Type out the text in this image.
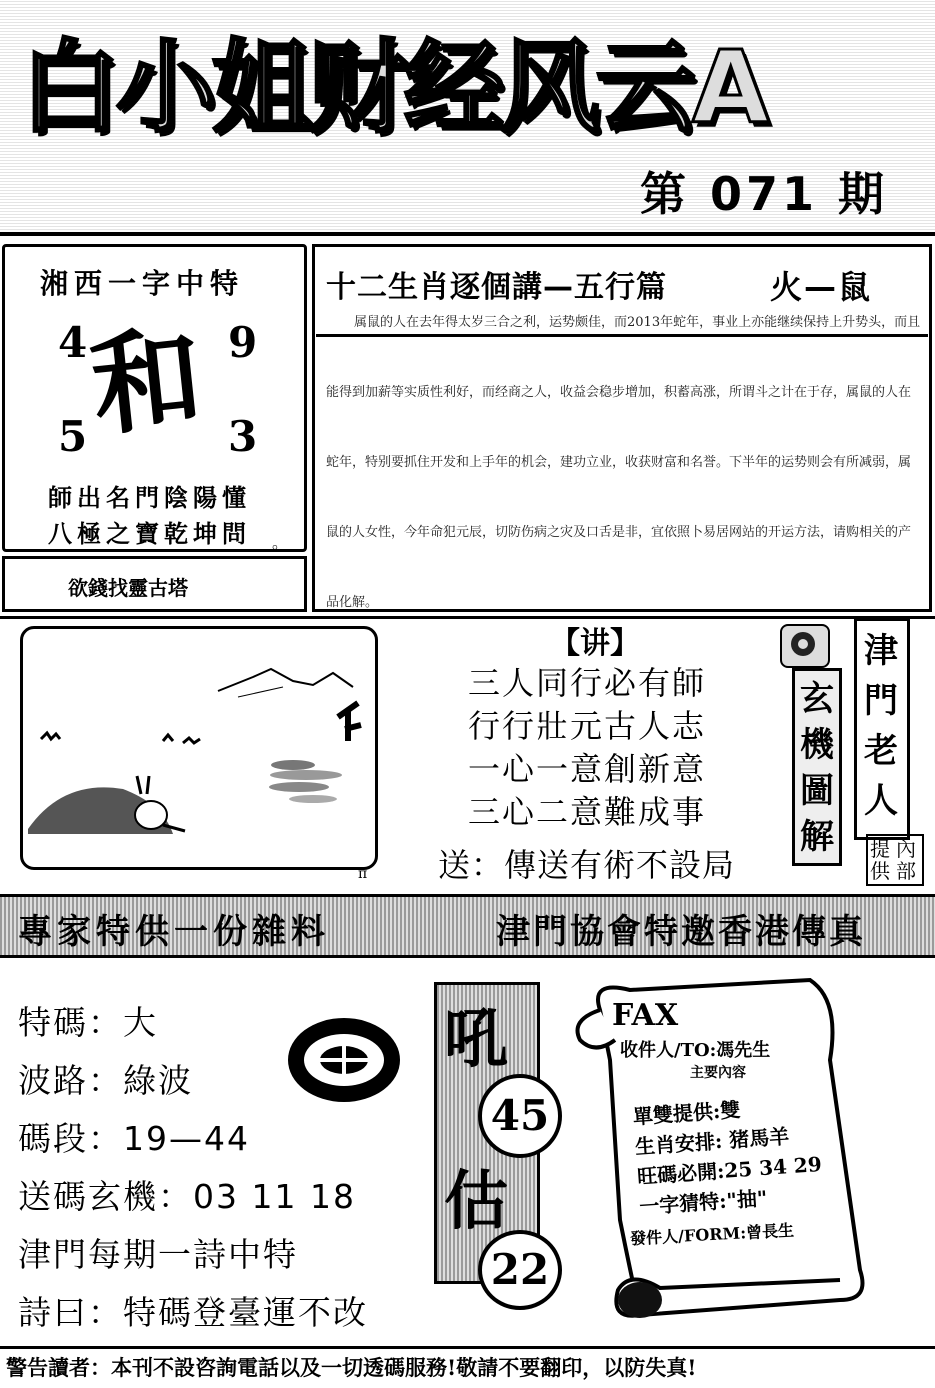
白小姐财经风云A
第 071 期
湘西一字中特
4	9
5	3
和
師出名門陰陽懂
八極之寶乾坤問 。
欲錢找靈古塔
十二生肖逐個講—五行篇	火—鼠

属鼠的人在去年得太岁三合之利，运势颇佳，而2013年蛇年，事业上亦能继续保持上升势头，而且能得到加薪等实质性利好，而经商之人，收益会稳步增加，积蓄高涨，所谓斗之计在于存，属鼠的人在蛇年，特别要抓住开发和上手年的机会，建功立业，收获财富和名誉。下半年的运势则会有所减弱，属鼠的人女性，今年命犯元辰，切防伤病之灾及口舌是非，宜依照卜易居网站的开运方法，请购相关的产品化解。

π
【讲】
三人同行必有師
行行壯元古人志
一心一意創新意
三心二意難成事
送：傳送有術不設局
玄機圖解
津門老人
提供
內部
專家特供一份雜料	津門協會特邀香港傳真
特碼：大
波路：綠波
碼段：19—44
送碼玄機：03 11 18
津門每期一詩中特
詩曰：特碼登臺運不改
吼
45
估
22
FAX
收件人/TO:馮先生
主要內容
單雙提供:雙
生肖安排: 猪馬羊
旺碼必開:25 34 29
一字猜特:"抽"
發件人/FORM:曾長生
警告讀者：本刊不設咨詢電話以及一切透碼服務!敬請不要翻印，以防失真!
